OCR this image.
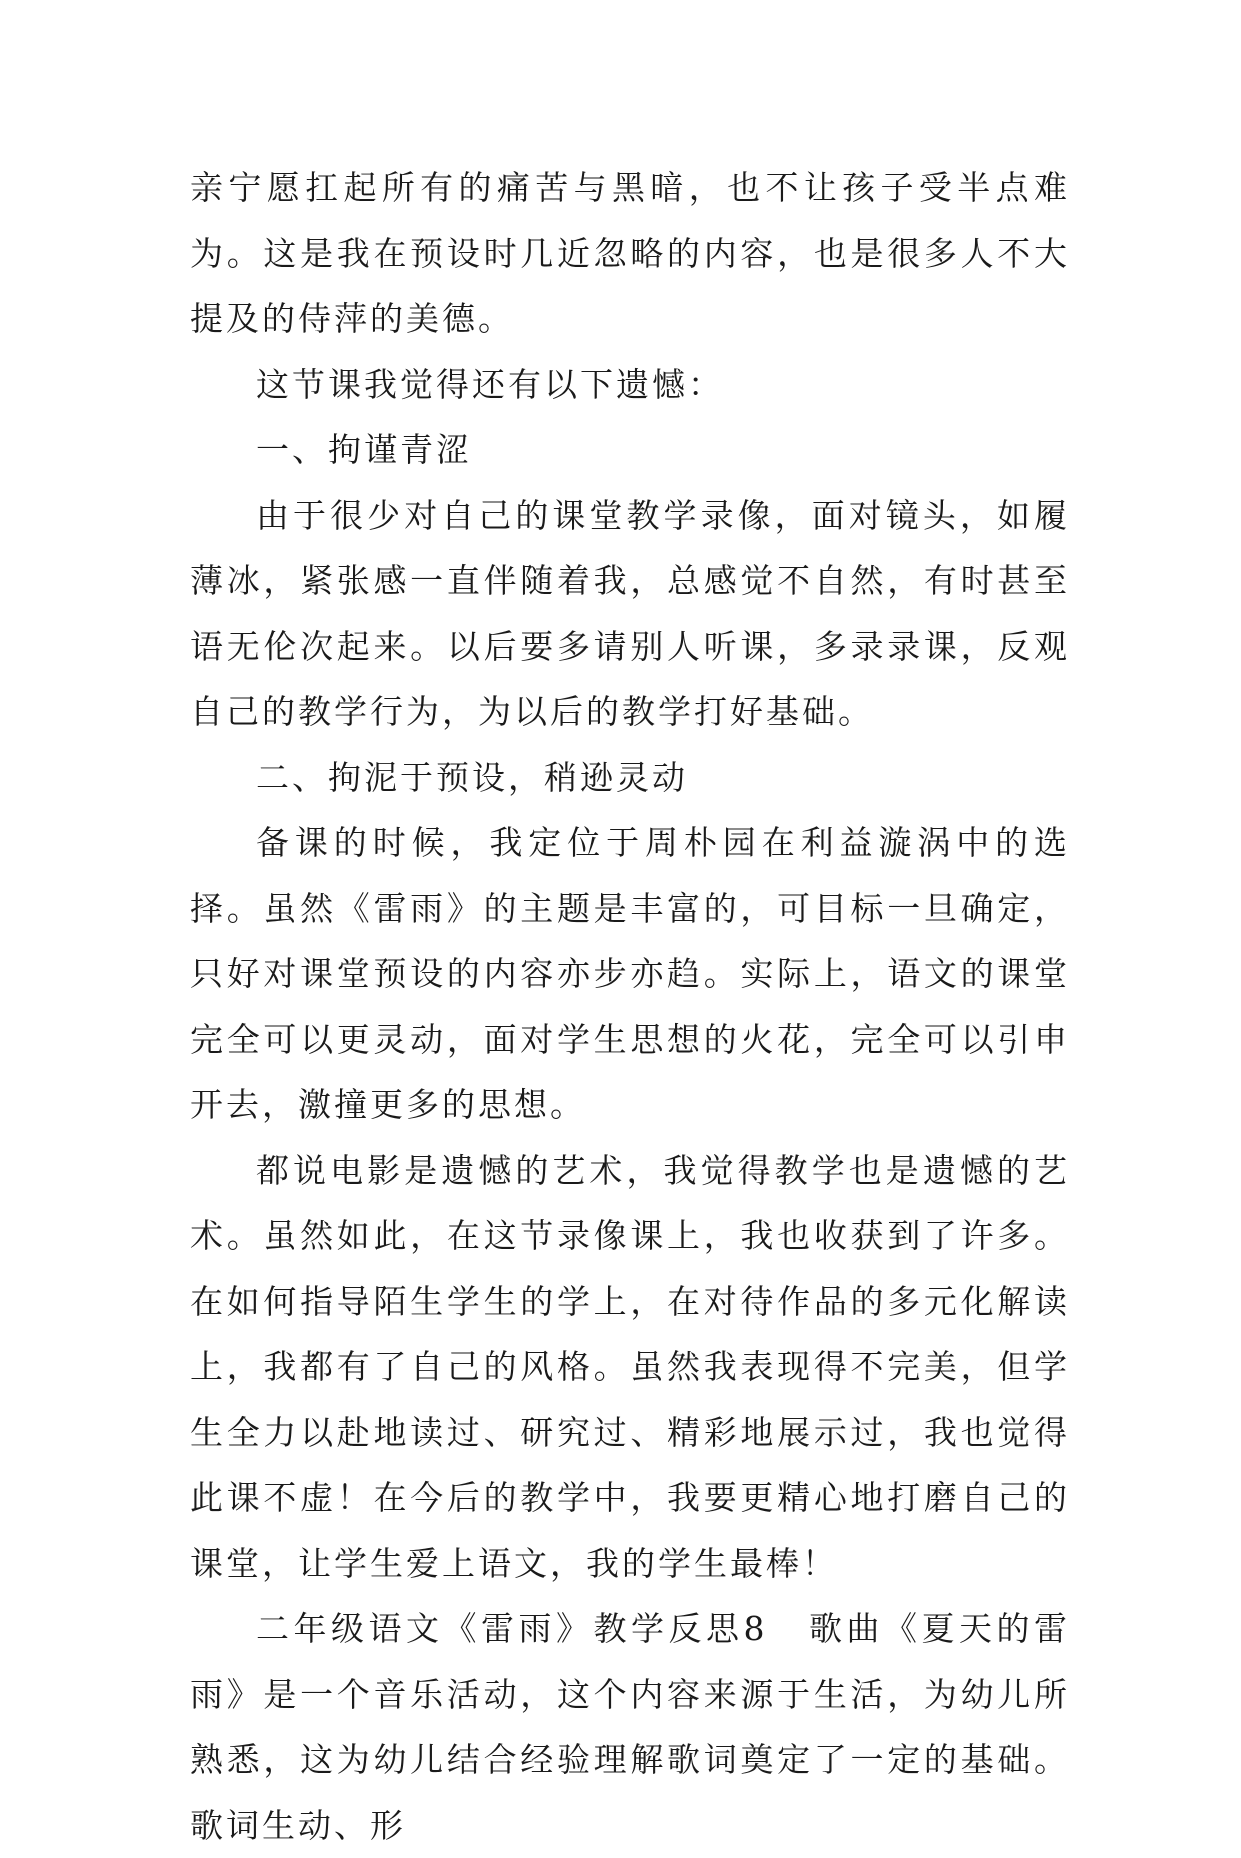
亲宁愿扛起所有的痛苦与黑暗，也不让孩子受半点难为。这是我在预设时几近忽略的内容，也是很多人不大提及的侍萍的美德。

这节课我觉得还有以下遗憾：

一、拘谨青涩

由于很少对自己的课堂教学录像，面对镜头，如履薄冰，紧张感一直伴随着我，总感觉不自然，有时甚至语无伦次起来。以后要多请别人听课，多录录课，反观自己的教学行为，为以后的教学打好基础。

二、拘泥于预设，稍逊灵动

备课的时候，我定位于周朴园在利益漩涡中的选择。虽然《雷雨》的主题是丰富的，可目标一旦确定，只好对课堂预设的内容亦步亦趋。实际上，语文的课堂完全可以更灵动，面对学生思想的火花，完全可以引申开去，激撞更多的思想。

都说电影是遗憾的艺术，我觉得教学也是遗憾的艺术。虽然如此，在这节录像课上，我也收获到了许多。在如何指导陌生学生的学上，在对待作品的多元化解读上，我都有了自己的风格。虽然我表现得不完美，但学生全力以赴地读过、研究过、精彩地展示过，我也觉得此课不虚！在今后的教学中，我要更精心地打磨自己的课堂，让学生爱上语文，我的学生最棒！

二年级语文《雷雨》教学反思8 歌曲《夏天的雷雨》是一个音乐活动，这个内容来源于生活，为幼儿所熟悉，这为幼儿结合经验理解歌词奠定了一定的基础。歌词生动、形
